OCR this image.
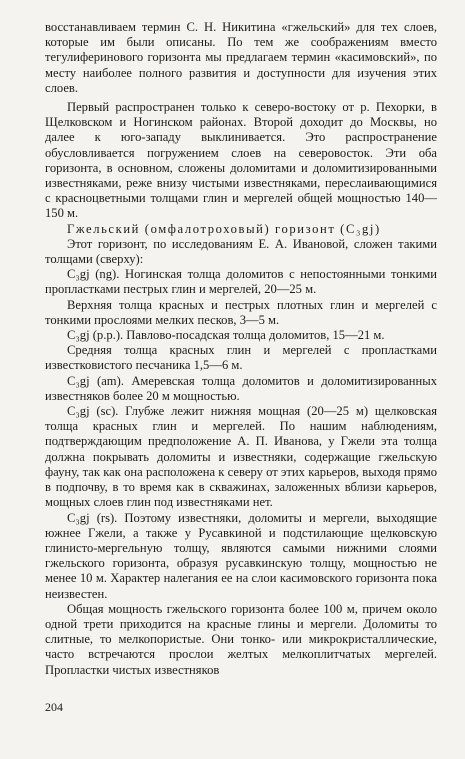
восстанавливаем термин С. Н. Никитина «гжельский» для тех слоев, которые им были описаны. По тем же соображениям вместо тегулиферинового горизонта мы предлагаем термин «касимовский», по месту наиболее полного развития и доступности для изучения этих слоев.

Первый распространен только к северо-востоку от р. Пехорки, в Щелковском и Ногинском районах. Второй доходит до Москвы, но далее к юго-западу выклинивается. Это распространение обусловливается погружением слоев на северовосток. Эти оба горизонта, в основном, сложены доломитами и доломитизированными известняками, реже внизу чистыми известняками, переслаивающимися с красноцветными толщами глин и мергелей общей мощностью 140—150 м.

Гжельский (омфалотроховый) горизонт (C₃gj)

Этот горизонт, по исследованиям Е. А. Ивановой, сложен такими толщами (сверху):

C₃gj (ng). Ногинская толща доломитов с непостоянными тонкими пропластками пестрых глин и мергелей, 20—25 м.

Верхняя толща красных и пестрых плотных глин и мергелей с тонкими прослоями мелких песков, 3—5 м.

C₃gj (p.p.). Павлово-посадская толща доломитов, 15—21 м.

Средняя толща красных глин и мергелей с пропластками известковистого песчаника 1,5—6 м.

C₃gj (am). Амеревская толща доломитов и доломитизированных известняков более 20 м мощностью.

C₃gj (sc). Глубже лежит нижняя мощная (20—25 м) щелковская толща красных глин и мергелей. По нашим наблюдениям, подтверждающим предположение А. П. Иванова, у Гжели эта толща должна покрывать доломиты и известняки, содержащие гжельскую фауну, так как она расположена к северу от этих карьеров, выходя прямо в подпочву, в то время как в скважинах, заложенных вблизи карьеров, мощных слоев глин под известняками нет.

C₃gj (rs). Поэтому известняки, доломиты и мергели, выходящие южнее Гжели, а также у Русавкиной и подстилающие щелковскую глинисто-мергельную толщу, являются самыми нижними слоями гжельского горизонта, образуя русавкинскую толщу, мощностью не менее 10 м. Характер налегания ее на слои касимовского горизонта пока неизвестен.

Общая мощность гжельского горизонта более 100 м, причем около одной трети приходится на красные глины и мергели. Доломиты то слитные, то мелкопористые. Они тонко- или микрокристаллические, часто встречаются прослои желтых мелкоплитчатых мергелей. Пропластки чистых известняков

204
